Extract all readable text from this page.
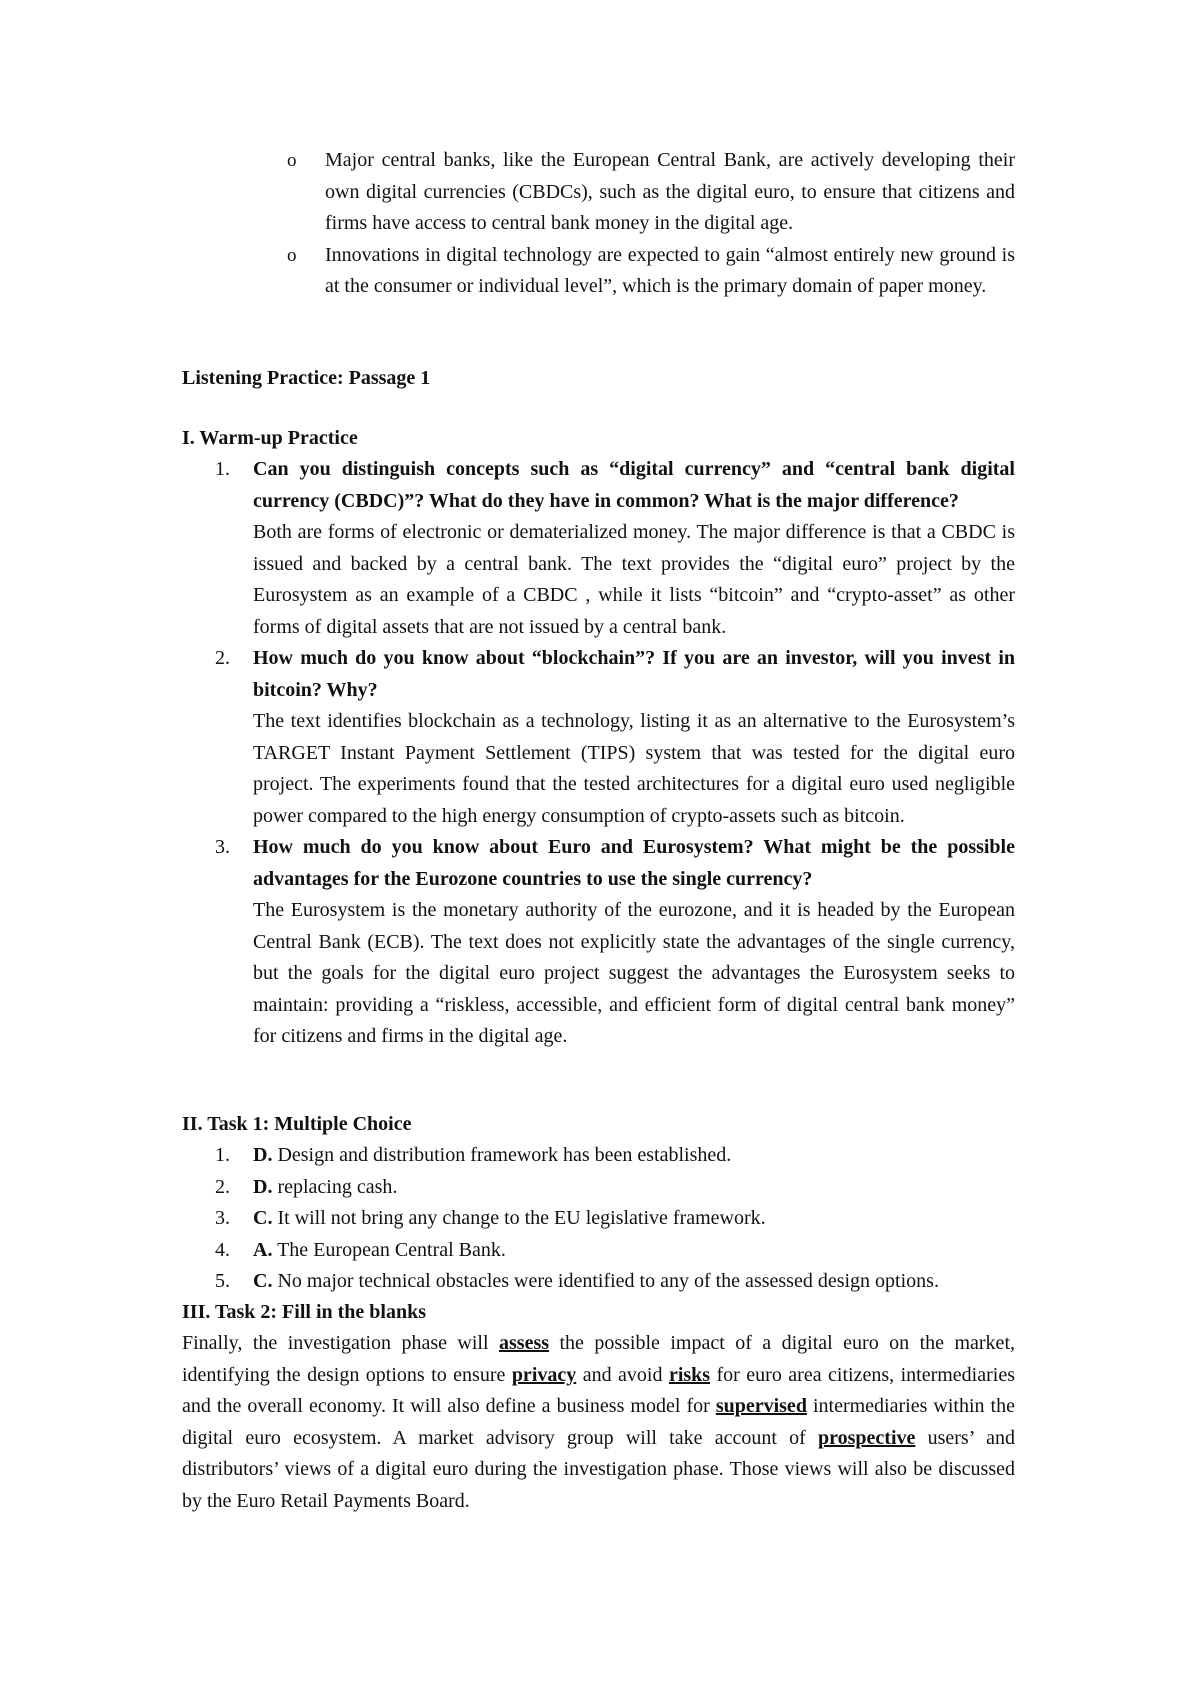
o Major central banks, like the European Central Bank, are actively developing their own digital currencies (CBDCs), such as the digital euro, to ensure that citizens and firms have access to central bank money in the digital age.
o Innovations in digital technology are expected to gain “almost entirely new ground is at the consumer or individual level”, which is the primary domain of paper money.
Listening Practice: Passage 1
I. Warm-up Practice
1. Can you distinguish concepts such as “digital currency” and “central bank digital currency (CBDC)”? What do they have in common? What is the major difference?
Both are forms of electronic or dematerialized money. The major difference is that a CBDC is issued and backed by a central bank. The text provides the “digital euro” project by the Eurosystem as an example of a CBDC , while it lists “bitcoin” and “crypto-asset” as other forms of digital assets that are not issued by a central bank.
2. How much do you know about “blockchain”? If you are an investor, will you invest in bitcoin? Why?
The text identifies blockchain as a technology, listing it as an alternative to the Eurosystem’s TARGET Instant Payment Settlement (TIPS) system that was tested for the digital euro project. The experiments found that the tested architectures for a digital euro used negligible power compared to the high energy consumption of crypto-assets such as bitcoin.
3. How much do you know about Euro and Eurosystem? What might be the possible advantages for the Eurozone countries to use the single currency?
The Eurosystem is the monetary authority of the eurozone, and it is headed by the European Central Bank (ECB). The text does not explicitly state the advantages of the single currency, but the goals for the digital euro project suggest the advantages the Eurosystem seeks to maintain: providing a “riskless, accessible, and efficient form of digital central bank money” for citizens and firms in the digital age.
II. Task 1: Multiple Choice
1. D. Design and distribution framework has been established.
2. D. replacing cash.
3. C. It will not bring any change to the EU legislative framework.
4. A. The European Central Bank.
5. C. No major technical obstacles were identified to any of the assessed design options.
III. Task 2: Fill in the blanks
Finally, the investigation phase will assess the possible impact of a digital euro on the market, identifying the design options to ensure privacy and avoid risks for euro area citizens, intermediaries and the overall economy. It will also define a business model for supervised intermediaries within the digital euro ecosystem. A market advisory group will take account of prospective users’ and distributors’ views of a digital euro during the investigation phase. Those views will also be discussed by the Euro Retail Payments Board.
